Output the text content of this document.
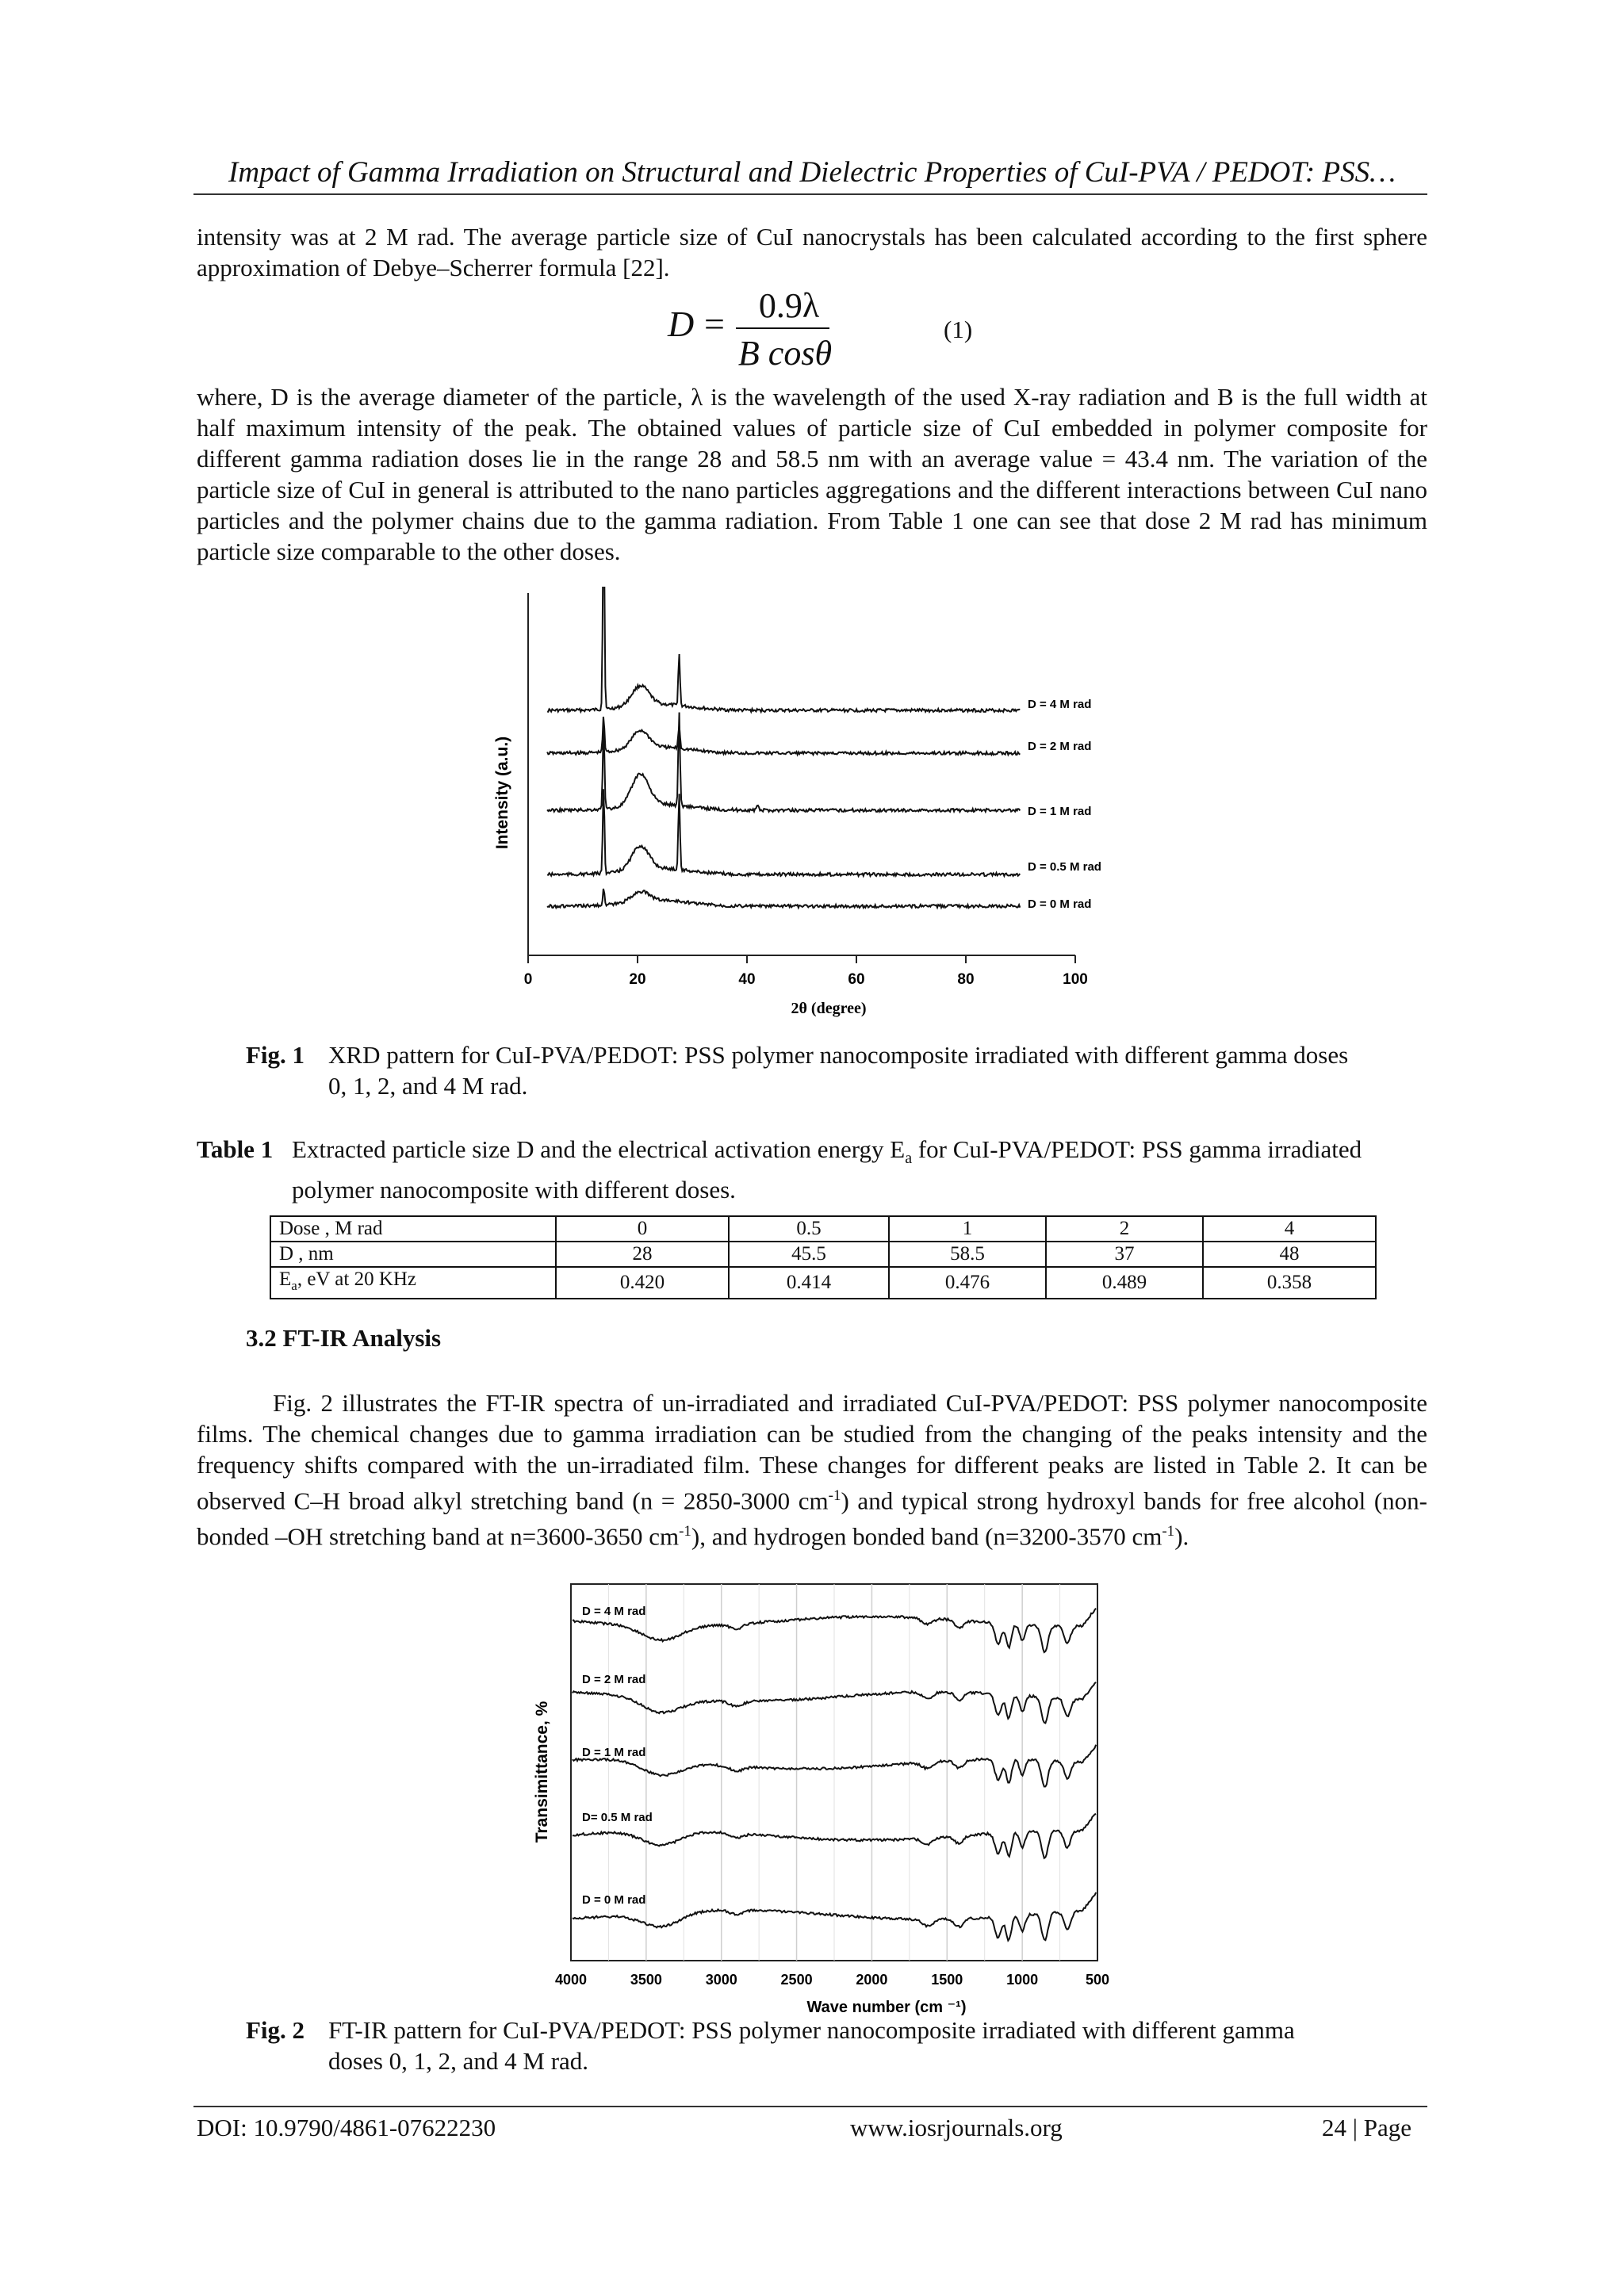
Impact of Gamma Irradiation on Structural and Dielectric Properties of CuI-PVA / PEDOT: PSS…
intensity was at 2 M rad. The average particle size of CuI nanocrystals has been calculated according to the first sphere approximation of Debye–Scherrer formula [22].
D = 0.9λ
B cosθ
(1)
where, D is the average diameter of the particle, λ is the wavelength of the used X-ray radiation and B is the full width at half maximum intensity of the peak. The obtained values of particle size of CuI embedded in polymer composite for different gamma radiation doses lie in the range 28 and 58.5 nm with an average value = 43.4 nm. The variation of the particle size of CuI in general is attributed to the nano particles aggregations and the different interactions between CuI nano particles and the polymer chains due to the gamma radiation. From Table 1 one can see that dose 2 M rad has minimum particle size comparable to the other doses.
0	20	40	60	80	100
D = 4 M rad
D = 2 M rad
D = 1 M rad
D = 0.5 M rad
D = 0 M rad
Intensity (a.u.)
2θ (degree)
Fig. 1 XRD pattern for CuI-PVA/PEDOT: PSS polymer nanocomposite irradiated with different gamma doses 0, 1, 2, and 4 M rad.
Table 1 Extracted particle size D and the electrical activation energy $E_a$ for CuI-PVA/PEDOT: PSS gamma irradiated polymer nanocomposite with different doses.
Dose , M rad	0	0.5	1	2	4
D , nm	28	45.5	58.5	37	48
$E_a$, eV at 20 KHz	0.420	0.414	0.476	0.489	0.358
3.2 FT-IR Analysis
Fig. 2 illustrates the FT-IR spectra of un-irradiated and irradiated CuI-PVA/PEDOT: PSS polymer nanocomposite films. The chemical changes due to gamma irradiation can be studied from the changing of the peaks intensity and the frequency shifts compared with the un-irradiated film. These changes for different peaks are listed in Table 2. It can be observed C–H broad alkyl stretching band (n = 2850-3000 $cm^{-1}$) and typical strong hydroxyl bands for free alcohol (non-bonded –OH stretching band at n=3600-3650 $cm^{-1}$), and hydrogen bonded band (n=3200-3570 $cm^{-1}$).
4000	3500	3000	2500	2000	1500	1000	500
D = 4 M rad
D = 2 M rad
D = 1 M rad
D= 0.5 M rad
D = 0 M rad
Transimittance, %
Wave number (cm ⁻¹)
Fig. 2 FT-IR pattern for CuI-PVA/PEDOT: PSS polymer nanocomposite irradiated with different gamma doses 0, 1, 2, and 4 M rad.
DOI: 10.9790/4861-07622230	www.iosrjournals.org	24 | Page
